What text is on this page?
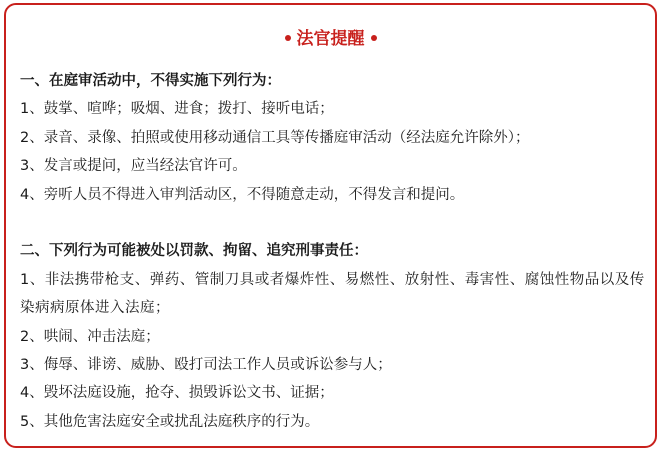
法官提醒
一、在庭审活动中，不得实施下列行为：
1、鼓掌、喧哗；吸烟、进食；拨打、接听电话；
2、录音、录像、拍照或使用移动通信工具等传播庭审活动（经法庭允许除外）；
3、发言或提问，应当经法官许可。
4、旁听人员不得进入审判活动区，不得随意走动，不得发言和提问。
二、下列行为可能被处以罚款、拘留、追究刑事责任：
1、非法携带枪支、弹药、管制刀具或者爆炸性、易燃性、放射性、毒害性、腐蚀性物品以及传染病病原体进入法庭；
2、哄闹、冲击法庭；
3、侮辱、诽谤、威胁、殴打司法工作人员或诉讼参与人；
4、毁坏法庭设施，抢夺、损毁诉讼文书、证据；
5、其他危害法庭安全或扰乱法庭秩序的行为。
